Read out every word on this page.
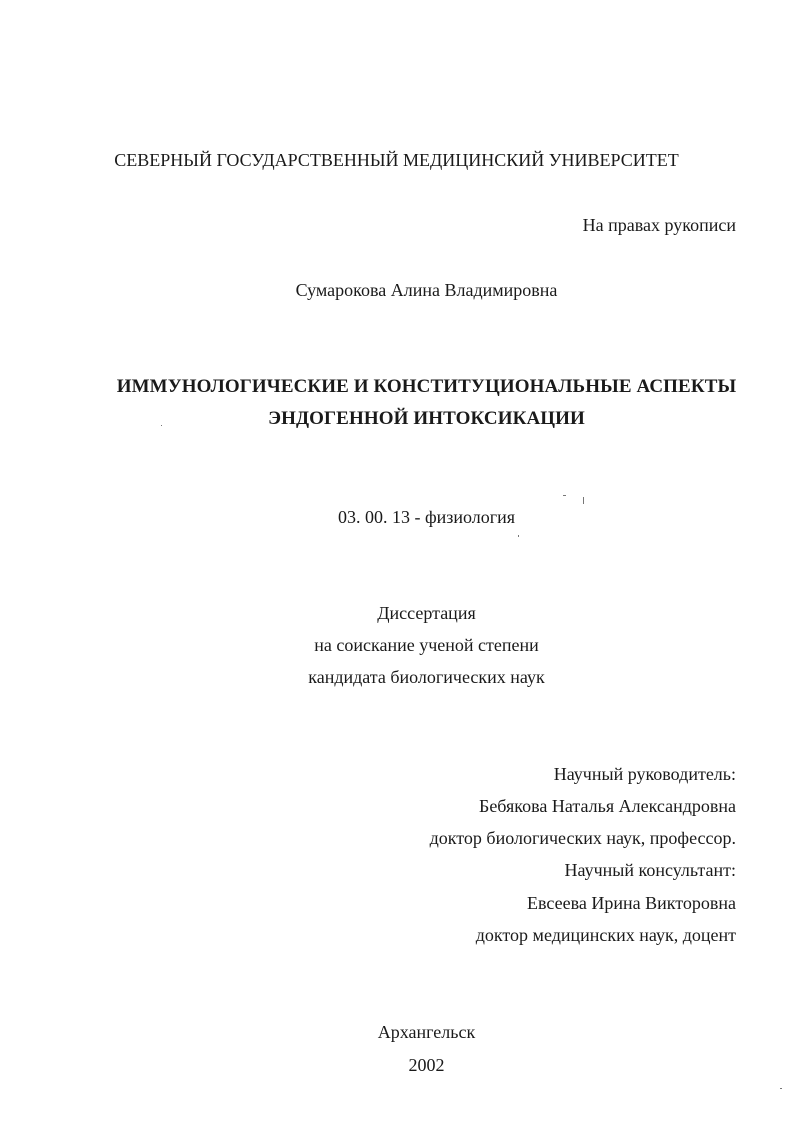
СЕВЕРНЫЙ ГОСУДАРСТВЕННЫЙ МЕДИЦИНСКИЙ УНИВЕРСИТЕТ
На правах рукописи
Сумарокова Алина Владимировна
ИММУНОЛОГИЧЕСКИЕ И КОНСТИТУЦИОНАЛЬНЫЕ АСПЕКТЫ
ЭНДОГЕННОЙ ИНТОКСИКАЦИИ
03. 00. 13 - физиология
Диссертация
на соискание ученой степени
кандидата биологических наук
Научный руководитель:
Бебякова Наталья Александровна
доктор биологических наук, профессор.
Научный консультант:
Евсеева Ирина Викторовна
доктор медицинских наук, доцент
Архангельск
2002
